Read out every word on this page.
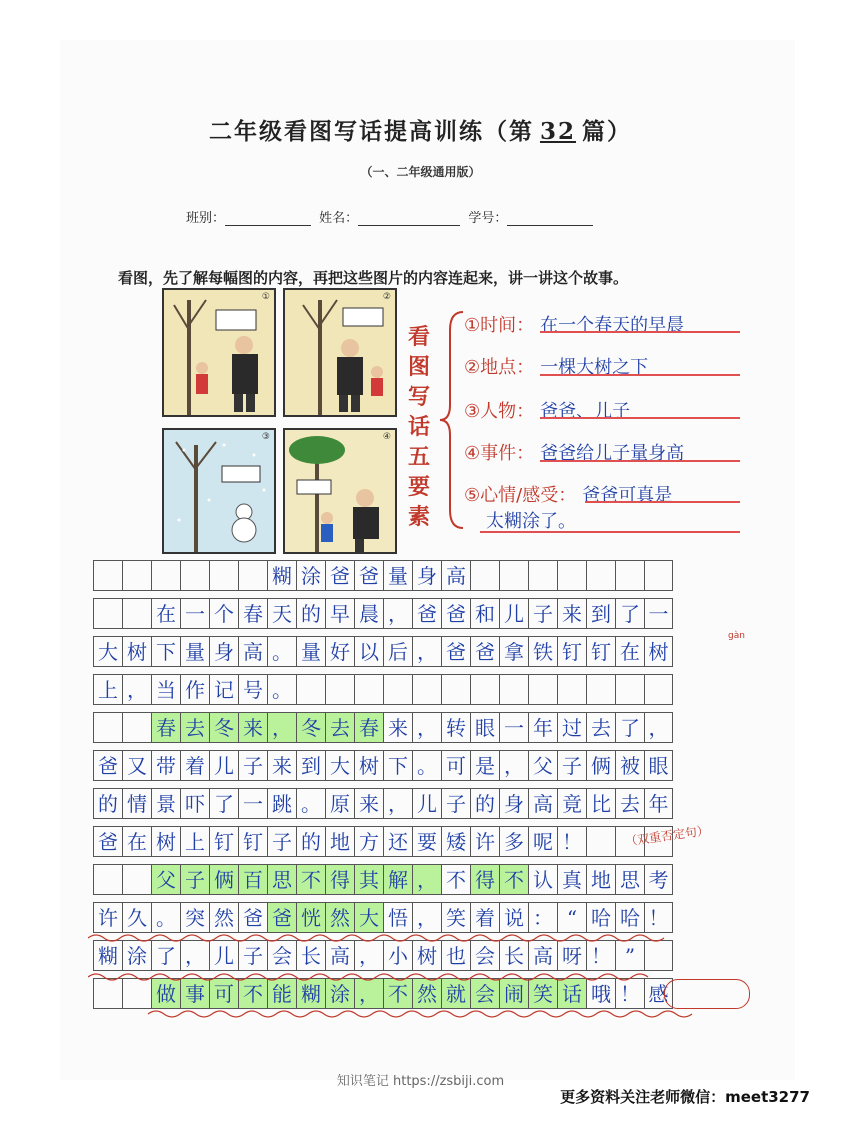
二年级看图写话提高训练（第 32 篇）
（一、二年级通用版）
班别：	姓名：	学号：
看图，先了解每幅图的内容，再把这些图片的内容连起来，讲一讲这个故事。
①	②
③	④
看
图
写
话
五
要
素
①时间： 在一个春天的早晨
②地点： 一棵大树之下
③人物： 爸爸、儿子
④事件： 爸爸给儿子量身高
⑤心情/感受： 爸爸可真是
太糊涂了。
糊 涂 爸 爸 量 身 高
在 一 个 春 天 的 早 晨 ， 爸 爸 和 儿 子 来 到 了 一
大 树 下 量 身 高 。 量 好 以 后 ， 爸 爸 拿 铁 钉 钉 在 树
上 ， 当 作 记 号 。
春 去 冬 来 ， 冬 去 春 来 ， 转 眼 一 年 过 去 了 ，
爸 又 带 着 儿 子 来 到 大 树 下 。 可 是 ， 父 子 俩 被 眼
的 情 景 吓 了 一 跳 。 原 来 ， 儿 子 的 身 高 竟 比 去 年
爸 在 树 上 钉 钉 子 的 地 方 还 要 矮 许 多 呢 ！
父 子 俩 百 思 不 得 其 解 ， 不 得 不 认 真 地 思 考
许 久 。 突 然 爸 爸 恍 然 大 悟 ， 笑 着 说 ： “ 哈 哈 ！
糊 涂 了 ， 儿 子 会 长 高 ， 小 树 也 会 长 高 呀 ！ ”
做 事 可 不 能 糊 涂 ， 不 然 就 会 闹 笑 话 哦 ！ 感
gàn
（双重否定句）
知识笔记 https://zsbiji.com
更多资料关注老师微信：meet3277
